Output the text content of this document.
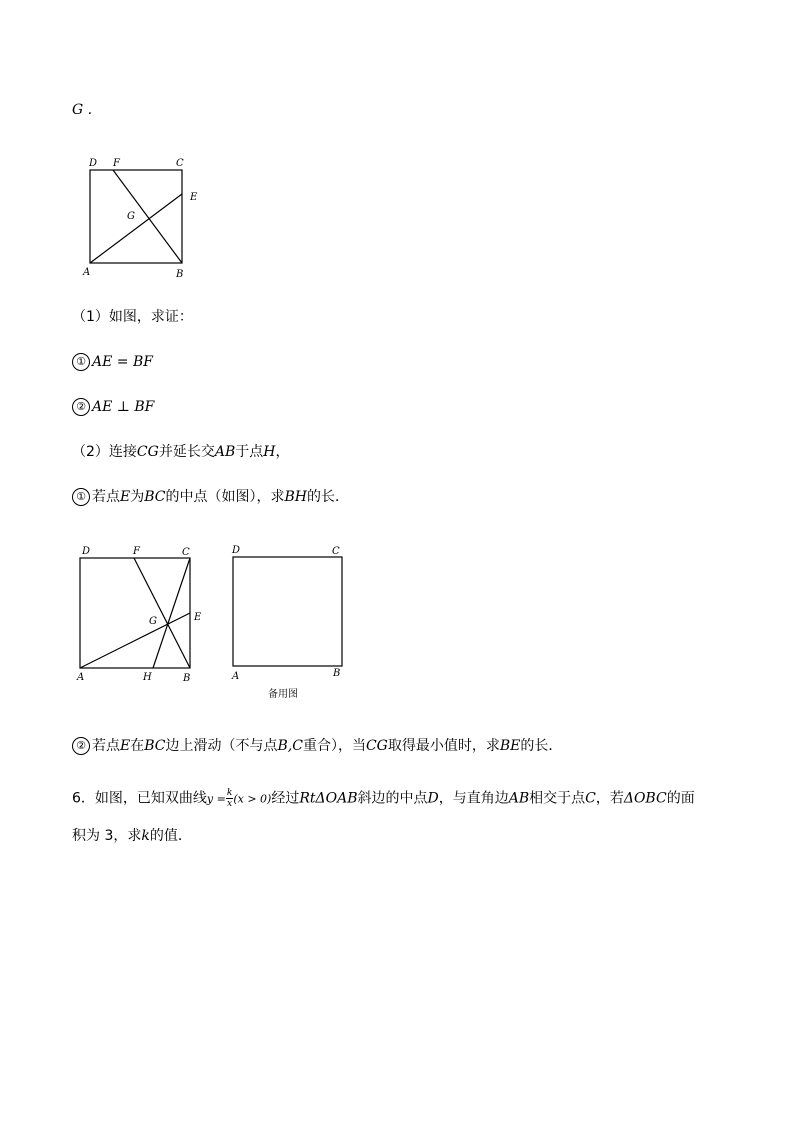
G .
D F	C
E
G
A	B
（1）如图，求证：
① AE = BF
② AE ⊥ BF
（2）连接CG并延长交AB于点H，
① 若点E为BC的中点（如图），求BH的长．
D	F	C
G	E
A	H	B
D	C
A	B
备用图
② 若点E在BC边上滑动（不与点B,C重合），当CG取得最小值时，求BE的长．
6．如图，已知双曲线$y = \frac{k}{x} (x > 0)$经过RtΔOAB斜边的中点D，与直角边AB相交于点C，若ΔOBC的面
积为 3，求k的值．
